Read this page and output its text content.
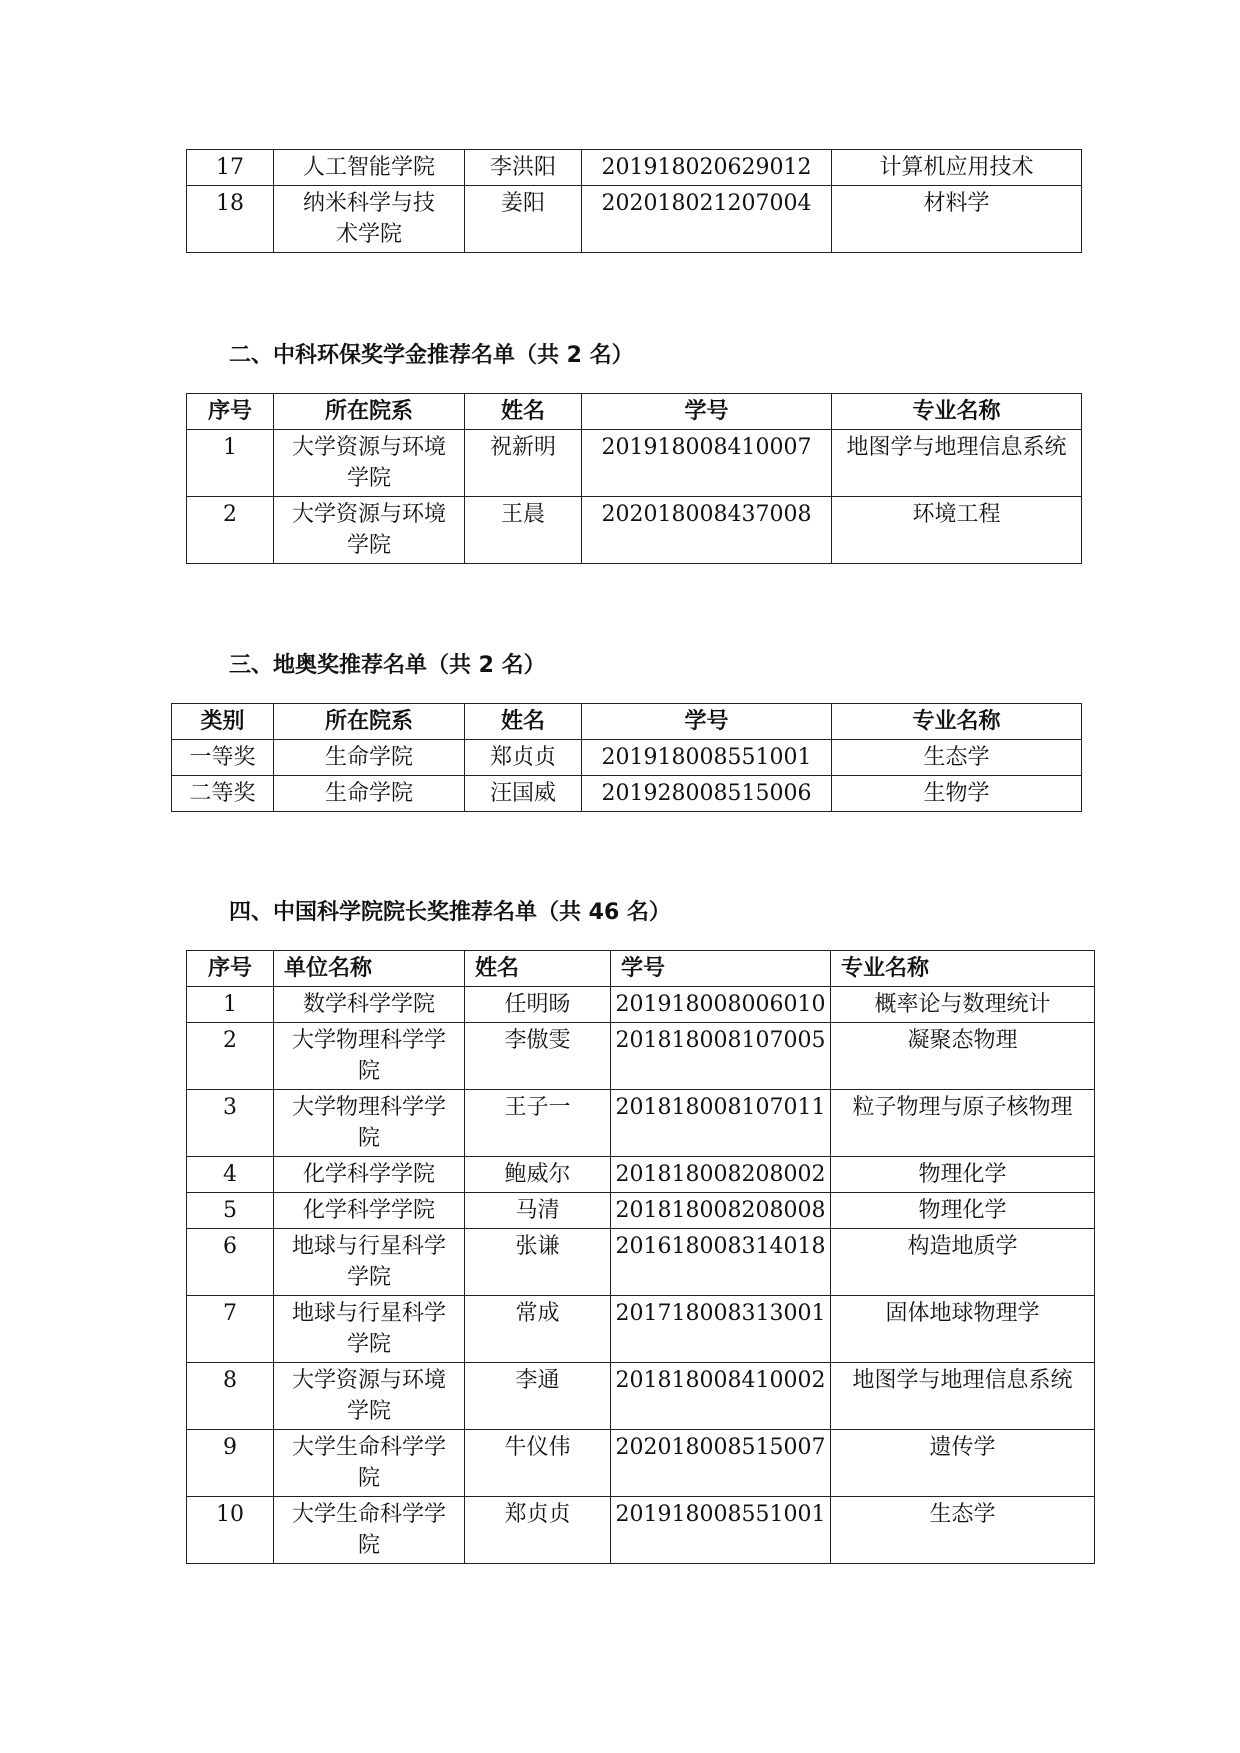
17	人工智能学院	李洪阳	201918020629012	计算机应用技术
18	纳米科学与技术学院	姜阳	202018021207004	材料学
二、中科环保奖学金推荐名单（共 2 名）
序号	所在院系	姓名	学号	专业名称
1	大学资源与环境学院	祝新明	201918008410007	地图学与地理信息系统
2	大学资源与环境学院	王晨	202018008437008	环境工程
三、地奥奖推荐名单（共 2 名）
类别	所在院系	姓名	学号	专业名称
一等奖	生命学院	郑贞贞	201918008551001	生态学
二等奖	生命学院	汪国威	201928008515006	生物学
四、中国科学院院长奖推荐名单（共 46 名）
序号	单位名称	姓名	学号	专业名称
1	数学科学学院	任明旸	201918008006010	概率论与数理统计
2	大学物理科学学院	李傲雯	201818008107005	凝聚态物理
3	大学物理科学学院	王子一	201818008107011	粒子物理与原子核物理
4	化学科学学院	鲍威尔	201818008208002	物理化学
5	化学科学学院	马清	201818008208008	物理化学
6	地球与行星科学学院	张谦	201618008314018	构造地质学
7	地球与行星科学学院	常成	201718008313001	固体地球物理学
8	大学资源与环境学院	李通	201818008410002	地图学与地理信息系统
9	大学生命科学学院	牛仪伟	202018008515007	遗传学
10	大学生命科学学院	郑贞贞	201918008551001	生态学
